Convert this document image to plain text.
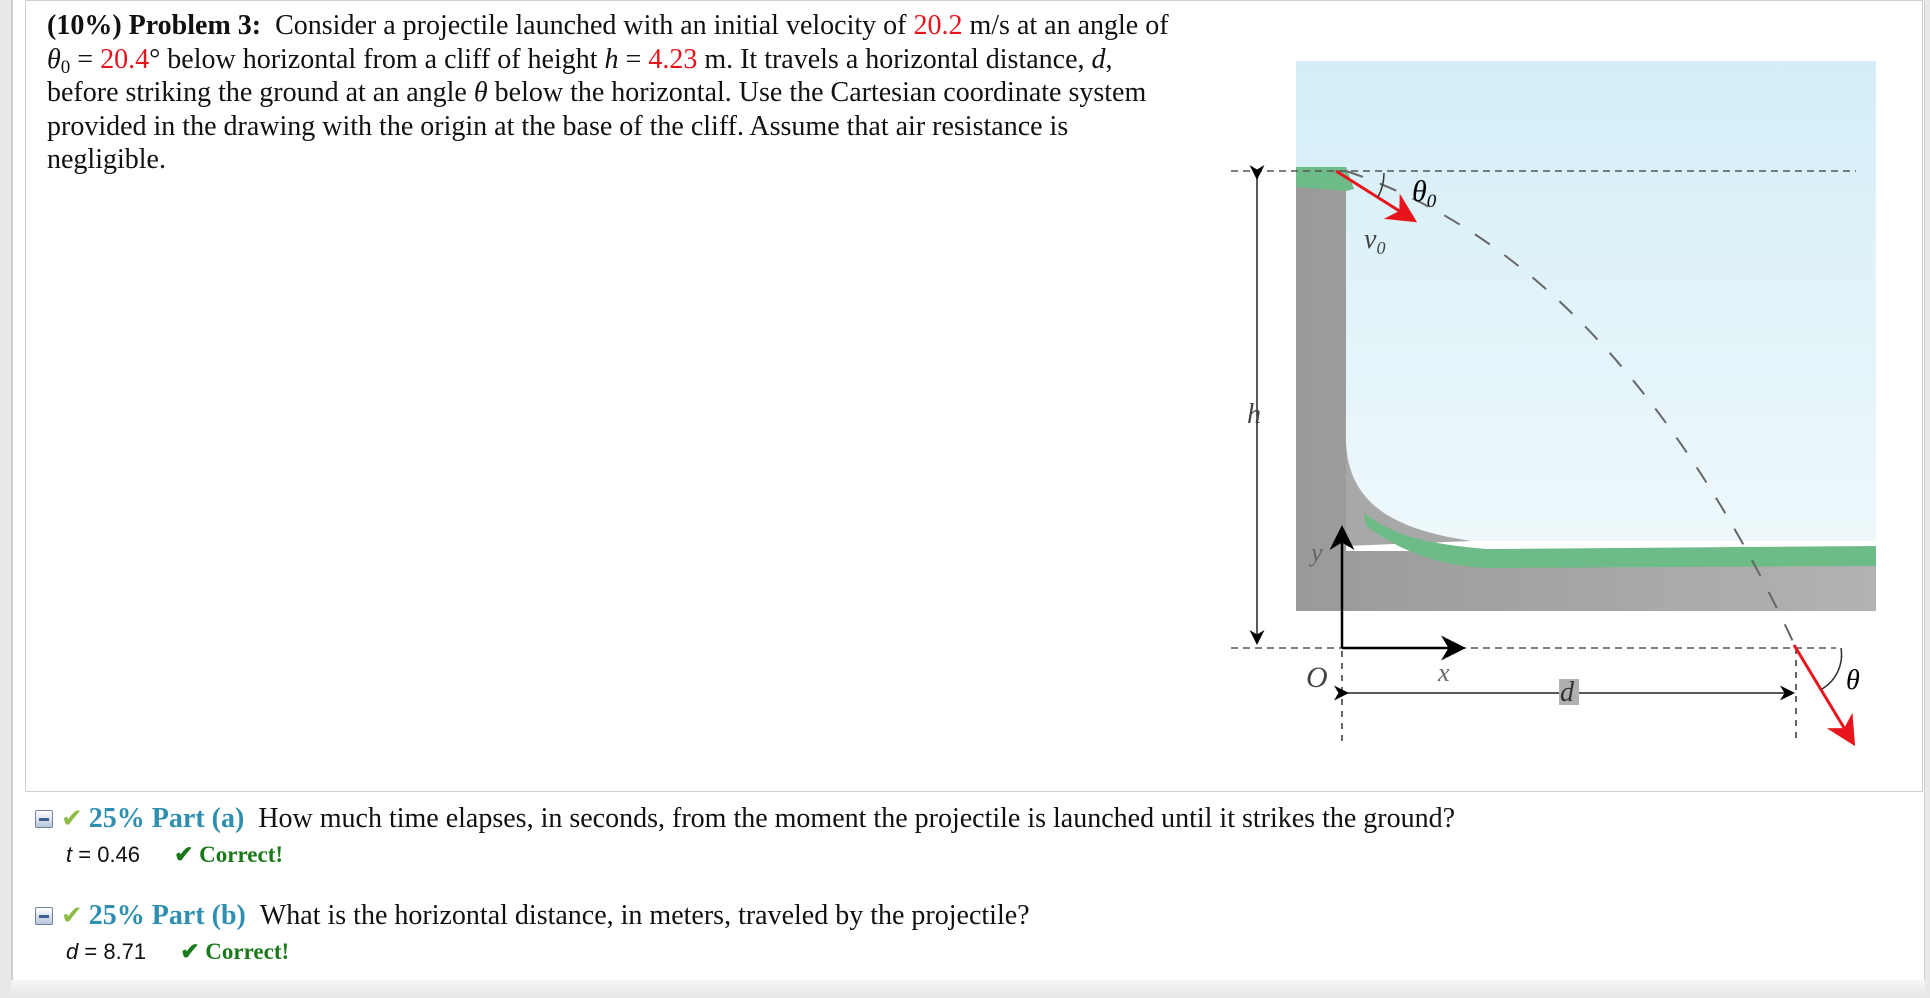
(10%) Problem 3: Consider a projectile launched with an initial velocity of 20.2 m/s at an angle of $\theta_0 = 20.4^\circ$ below horizontal from a cliff of height h = 4.23 m. It travels a horizontal distance, d, before striking the ground at an angle θ below the horizontal. Use the Cartesian coordinate system provided in the drawing with the origin at the base of the cliff. Assume that air resistance is negligible.
$\theta_0$
$v_0$
h
y
x
O	d	θ
✔ 25% Part (a) How much time elapses, in seconds, from the moment the projectile is launched until it strikes the ground?
t = 0.46 ✔ Correct!
✔ 25% Part (b) What is the horizontal distance, in meters, traveled by the projectile?
d = 8.71 ✔ Correct!
